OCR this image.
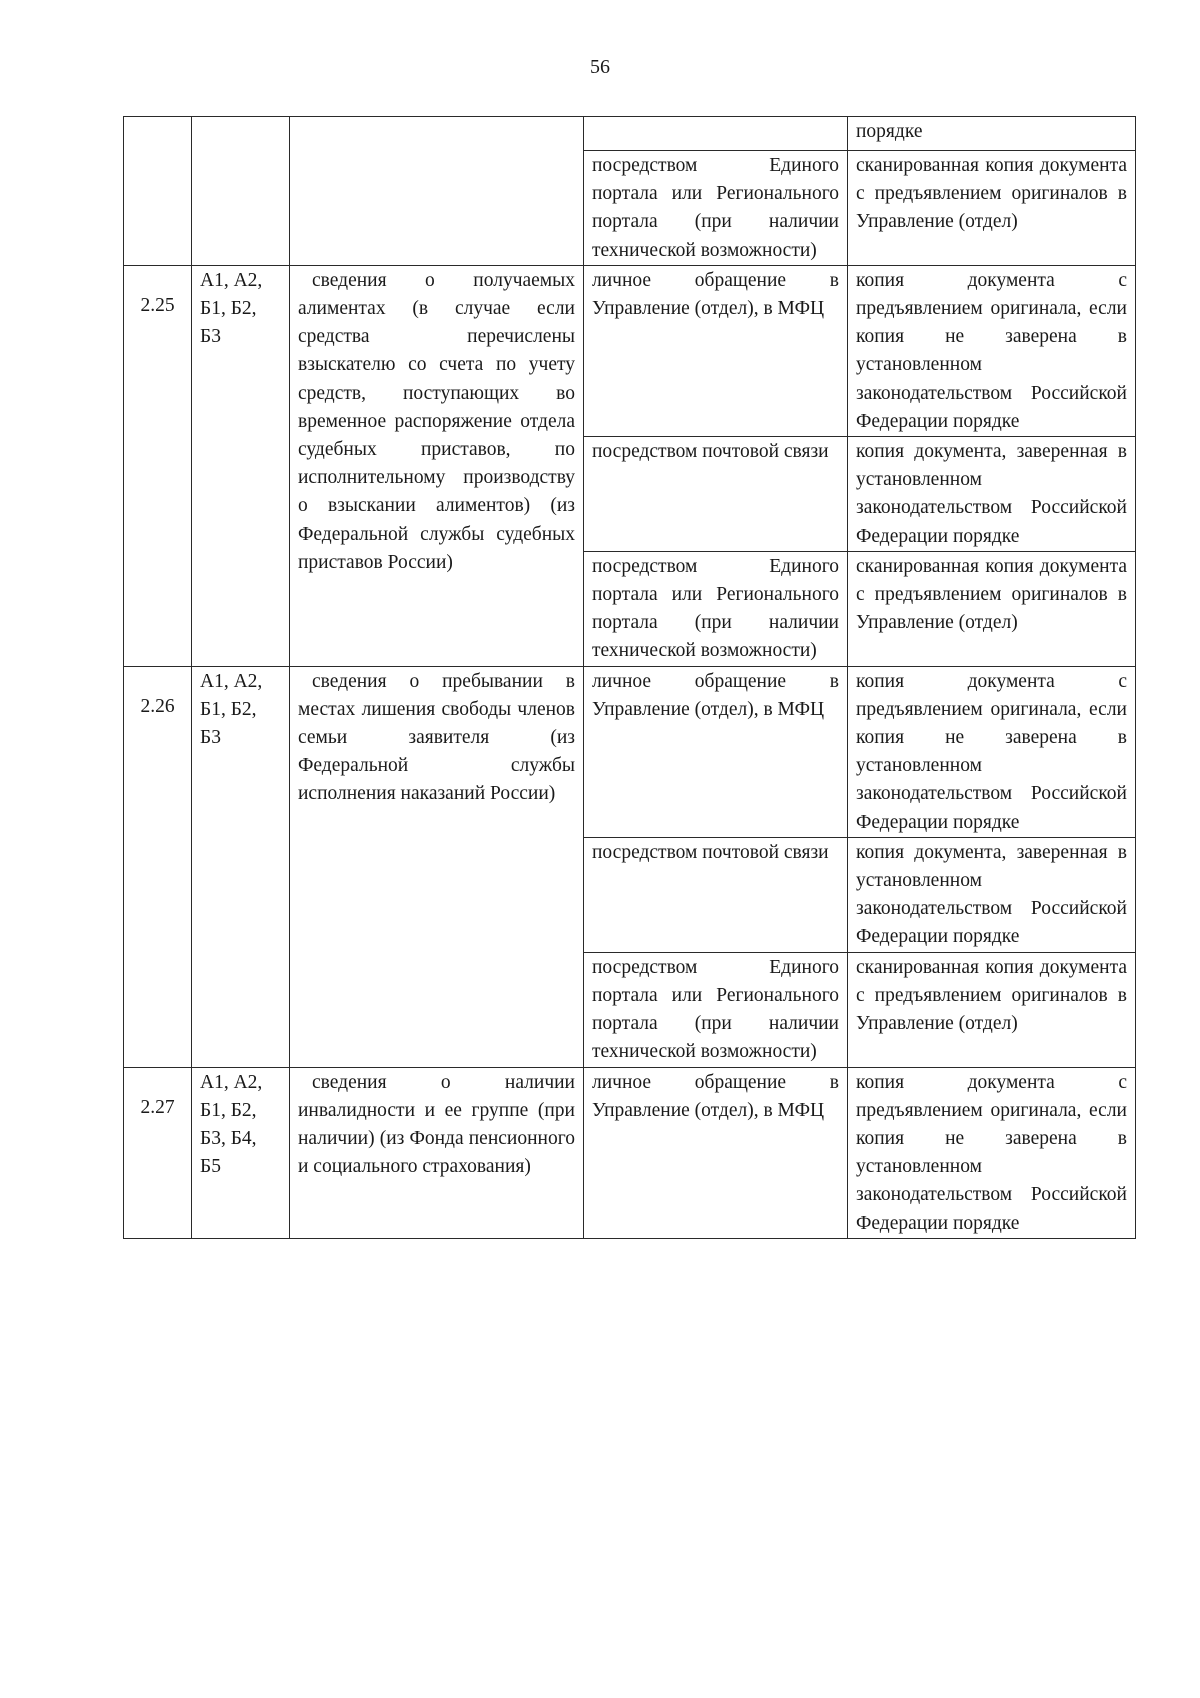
56

				порядке

			посредством Единого портала или Регионального портала (при наличии технической возможности)	сканированная копия документа с предъявлением оригиналов в Управление (отдел)

2.25	А1, А2, Б1, Б2, Б3	сведения о получаемых алиментах (в случае если средства перечислены взыскателю со счета по учету средств, поступающих во временное распоряжение отдела судебных приставов, по исполнительному производству о взыскании алиментов) (из Федеральной службы судебных приставов России)	личное обращение в Управление (отдел), в МФЦ	копия документа с предъявлением оригинала, если копия не заверена в установленном законодательством Российской Федерации порядке

			посредством почтовой связи	копия документа, заверенная в установленном законодательством Российской Федерации порядке

			посредством Единого портала или Регионального портала (при наличии технической возможности)	сканированная копия документа с предъявлением оригиналов в Управление (отдел)

2.26	А1, А2, Б1, Б2, Б3	сведения о пребывании в местах лишения свободы членов семьи заявителя (из Федеральной службы исполнения наказаний России)	личное обращение в Управление (отдел), в МФЦ	копия документа с предъявлением оригинала, если копия не заверена в установленном законодательством Российской Федерации порядке

			посредством почтовой связи	копия документа, заверенная в установленном законодательством Российской Федерации порядке

			посредством Единого портала или Регионального портала (при наличии технической возможности)	сканированная копия документа с предъявлением оригиналов в Управление (отдел)

2.27	А1, А2, Б1, Б2, Б3, Б4, Б5	сведения о наличии инвалидности и ее группе (при наличии) (из Фонда пенсионного и социального страхования)	личное обращение в Управление (отдел), в МФЦ	копия документа с предъявлением оригинала, если копия не заверена в установленном законодательством Российской Федерации порядке
